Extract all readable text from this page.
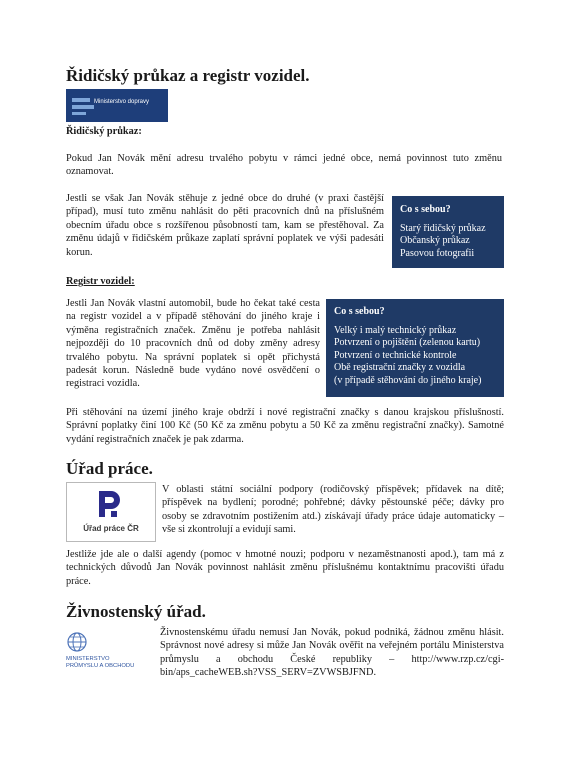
Řidičský průkaz a registr vozidel.
Ministerstvo dopravy

Řidičský průkaz:

Pokud Jan Novák mění adresu trvalého pobytu v rámci jedné obce, nemá povinnost tuto změnu oznamovat.

Jestli se však Jan Novák stěhuje z jedné obce do druhé (v praxi častější případ), musí tuto změnu nahlásit do pěti pracovních dnů na příslušném obecním úřadu obce s rozšířenou působností tam, kam se přestěhoval. Za změnu údajů v řidičském průkaze zaplatí správní poplatek ve výši padesáti korun.

Co s sebou?
Starý řidičský průkaz
Občanský průkaz
Pasovou fotografii

Registr vozidel:

Jestli Jan Novák vlastní automobil, bude ho čekat také cesta na registr vozidel a v případě stěhování do jiného kraje i výměna registračních značek. Změnu je potřeba nahlásit nejpozději do 10 pracovních dnů od doby změny adresy trvalého pobytu. Na správní poplatek si opět přichystá padesát korun. Následně bude vydáno nové osvědčení o registraci vozidla.

Co s sebou?
Velký i malý technický průkaz
Potvrzení o pojištění (zelenou kartu)
Potvrzení o technické kontrole
Obě registrační značky z vozidla
(v případě stěhování do jiného kraje)

Při stěhování na území jiného kraje obdrží i nové registrační značky s danou krajskou příslušností. Správní poplatky činí 100 Kč (50 Kč za změnu pobytu a 50 Kč za změnu registrační značky). Samotné vydání registračních značek je pak zdarma.

Úřad práce.
Úřad práce ČR

V oblasti státní sociální podpory (rodičovský příspěvek; přídavek na dítě; příspěvek na bydlení; porodné; pohřebné; dávky pěstounské péče; dávky pro osoby se zdravotním postižením atd.) získávají úřady práce údaje automaticky – vše si zkontrolují a evidují sami.

Jestliže jde ale o další agendy (pomoc v hmotné nouzi; podporu v nezaměstnanosti apod.), tam má z technických důvodů Jan Novák povinnost nahlásit změnu příslušnému kontaktnímu pracovišti úřadu práce.

Živnostenský úřad.
MINISTERSTVO
PRŮMYSLU A OBCHODU

Živnostenskému úřadu nemusí Jan Novák, pokud podniká, žádnou změnu hlásit. Správnost nové adresy si může Jan Novák ověřit na veřejném portálu Ministerstva průmyslu a obchodu České republiky – http://www.rzp.cz/cgi-bin/aps_cacheWEB.sh?VSS_SERV=ZVWSBJFND.
